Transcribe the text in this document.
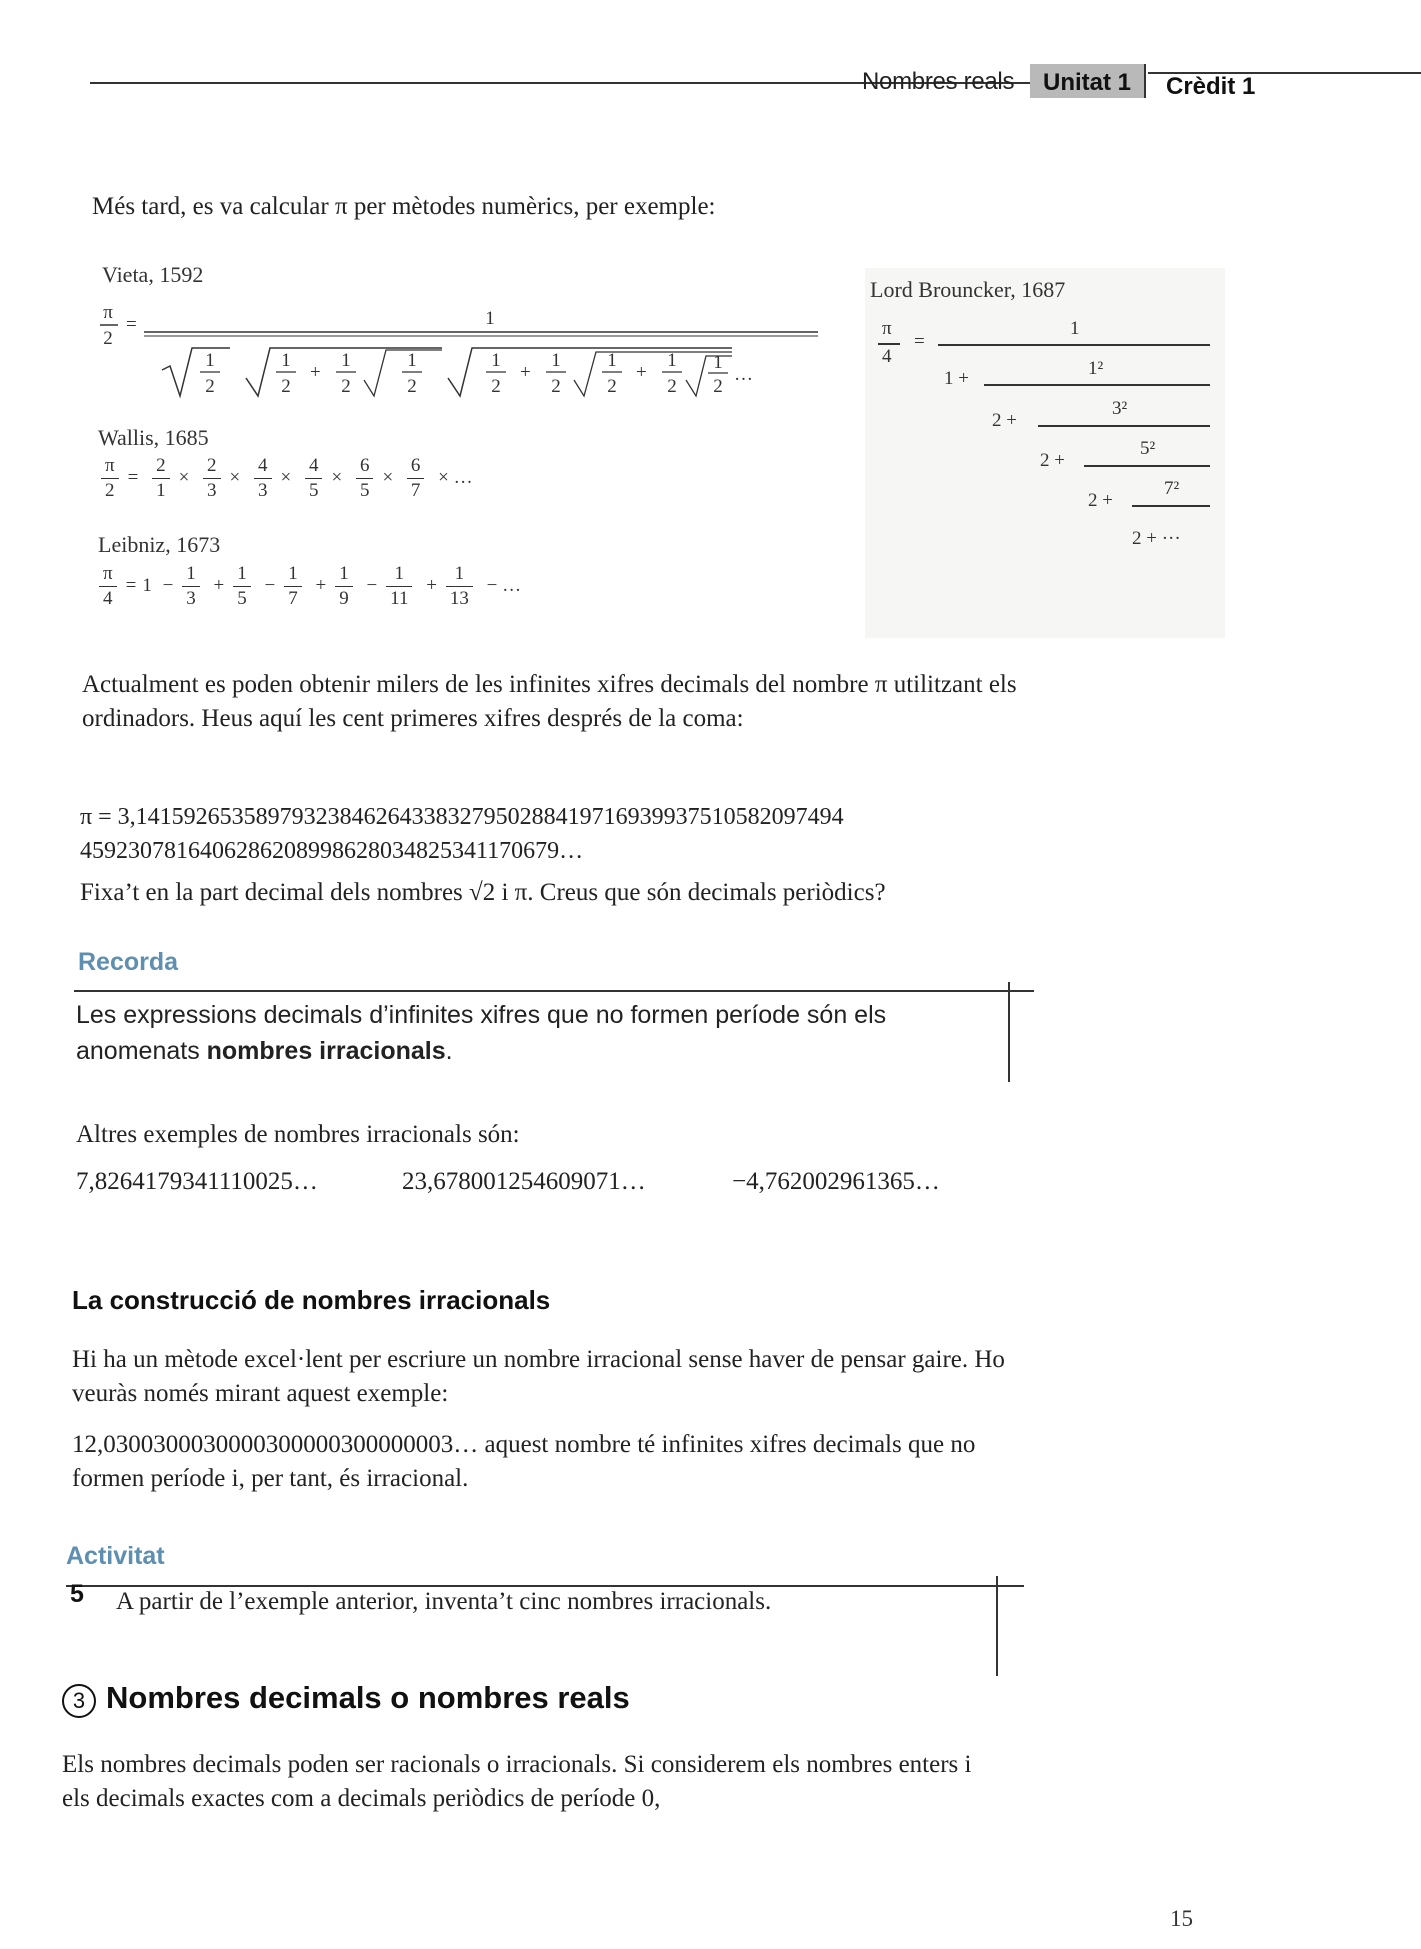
Nombres reals Unitat 1 Crèdit 1
Més tard, es va calcular π per mètodes numèrics, per exemple:
Vieta, 1592
π
2
=	1
1
2
1
2
+
1
2
1
2
1
2
+
1
2
1
2
+
1
2
1
2
…
Wallis, 1685
$\frac{\pi}{2} = \frac{2}{1} \times \frac{2}{3} \times \frac{4}{3} \times \frac{4}{5} \times \frac{6}{5} \times \frac{6}{7}$ × …
Leibniz, 1673
$\frac{\pi}{4} = 1 - \frac{1}{3} + \frac{1}{5} - \frac{1}{7} + \frac{1}{9} - \frac{1}{11} + \frac{1}{13}$ − …
Lord Brouncker, 1687
π
4
=
1
1 +	1²
2 +
3²
2 +
5²
2 +
7²
2 + ···
Actualment es poden obtenir milers de les infinites xifres decimals del nombre π utilitzant els ordinadors. Heus aquí les cent primeres xifres després de la coma:
π = 3,14159265358979323846264338327950288419716939937510582097494
4592307816406286208998628034825341170679…
Fixa’t en la part decimal dels nombres √2 i π. Creus que són decimals periòdics?
Recorda
Les expressions decimals d’infinites xifres que no formen període són els anomenats nombres irracionals.
Altres exemples de nombres irracionals són:
7,8264179341110025…	23,678001254609071…	−4,762002961365…
La construcció de nombres irracionals
Hi ha un mètode excel·lent per escriure un nombre irracional sense haver de pensar gaire. Ho veuràs només mirant aquest exemple:
12,0300300030000300000300000003… aquest nombre té infinites xifres decimals que no formen període i, per tant, és irracional.
Activitat
5 A partir de l’exemple anterior, inventa’t cinc nombres irracionals.
3 Nombres decimals o nombres reals
Els nombres decimals poden ser racionals o irracionals. Si considerem els nombres enters i els decimals exactes com a decimals periòdics de període 0,
15
